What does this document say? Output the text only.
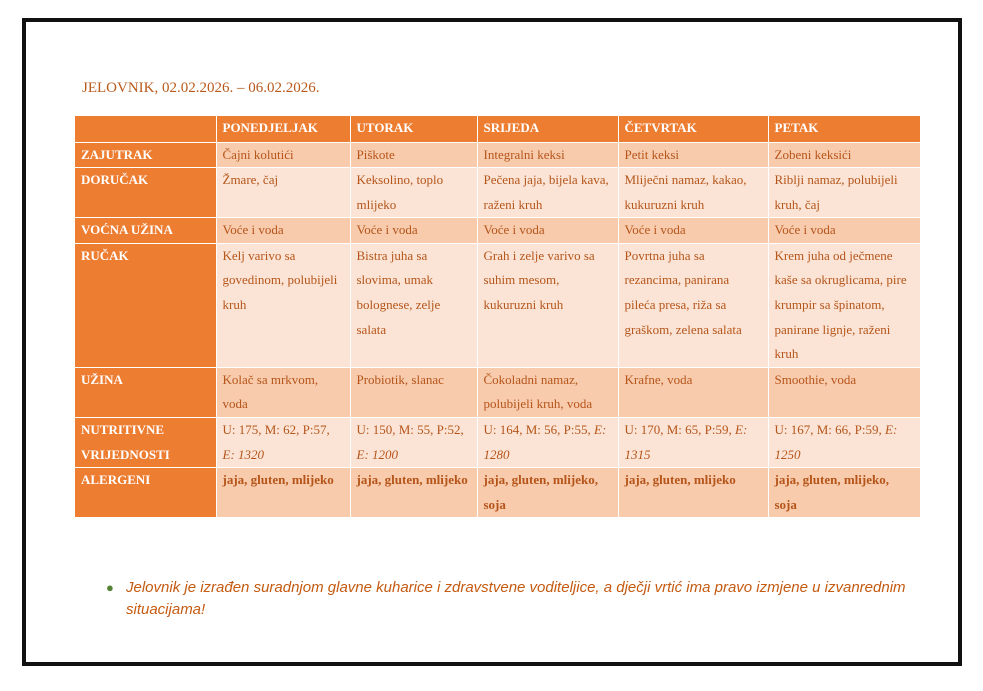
JELOVNIK, 02.02.2026. – 06.02.2026.
	PONEDJELJAK	UTORAK	SRIJEDA	ČETVRTAK	PETAK
ZAJUTRAK	Čajni kolutići	Piškote	Integralni keksi	Petit keksi	Zobeni keksići
DORUČAK	Žmare, čaj	Keksolino, toplo mlijeko	Pečena jaja, bijela kava, raženi kruh	Mliječni namaz, kakao, kukuruzni kruh	Riblji namaz, polubijeli kruh, čaj
VOĆNA UŽINA	Voće i voda	Voće i voda	Voće i voda	Voće i voda	Voće i voda
RUČAK	Kelj varivo sa govedinom, polubijeli kruh	Bistra juha sa slovima, umak bolognese, zelje salata	Grah i zelje varivo sa suhim mesom, kukuruzni kruh	Povrtna juha sa rezancima, panirana pileća presa, riža sa graškom, zelena salata	Krem juha od ječmene kaše sa okruglicama, pire krumpir sa špinatom, panirane lignje, raženi kruh
UŽINA	Kolač sa mrkvom, voda	Probiotik, slanac	Čokoladni namaz, polubijeli kruh, voda	Krafne, voda	Smoothie, voda
NUTRITIVNE VRIJEDNOSTI	U: 175, M: 62, P:57, E: 1320	U: 150, M: 55, P:52, E: 1200	U: 164, M: 56, P:55, E: 1280	U: 170, M: 65, P:59, E: 1315	U: 167, M: 66, P:59, E: 1250
ALERGENI	jaja, gluten, mlijeko	jaja, gluten, mlijeko	jaja, gluten, mlijeko, soja	jaja, gluten, mlijeko	jaja, gluten, mlijeko, soja
● Jelovnik je izrađen suradnjom glavne kuharice i zdravstvene voditeljice, a dječji vrtić ima pravo izmjene u izvanrednim situacijama!
